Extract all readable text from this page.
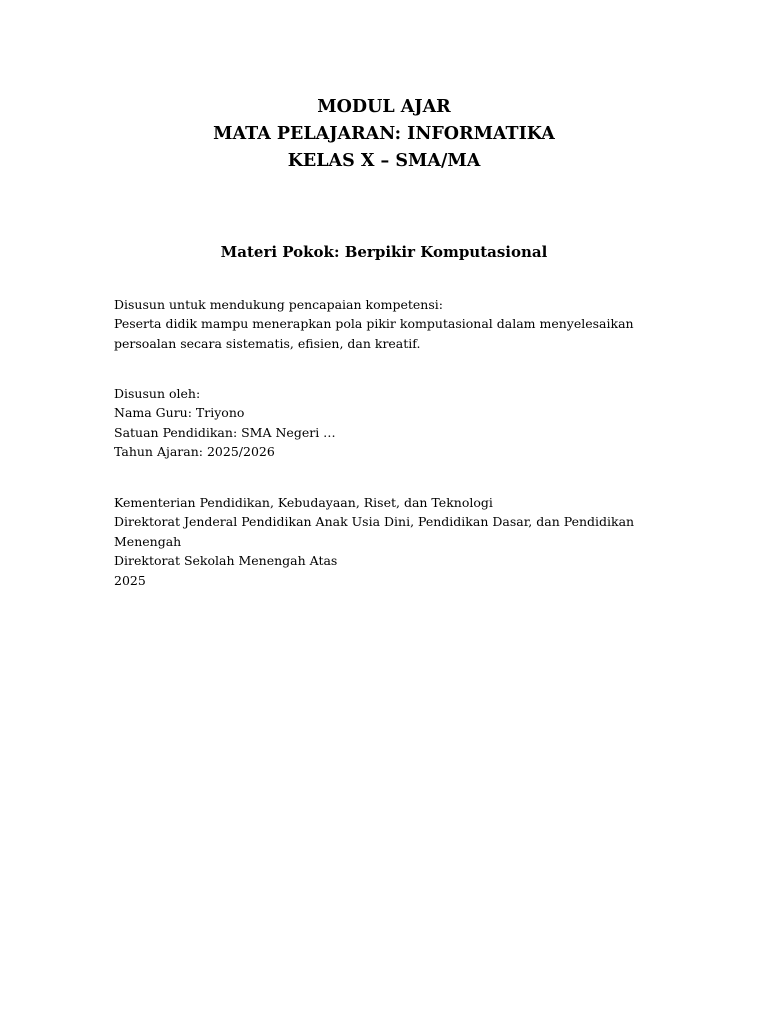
MODUL AJAR
MATA PELAJARAN: INFORMATIKA
KELAS X – SMA/MA
Materi Pokok: Berpikir Komputasional
Disusun untuk mendukung pencapaian kompetensi:
Peserta didik mampu menerapkan pola pikir komputasional dalam menyelesaikan
persoalan secara sistematis, efisien, dan kreatif.
Disusun oleh:
Nama Guru: Triyono
Satuan Pendidikan: SMA Negeri …
Tahun Ajaran: 2025/2026
Kementerian Pendidikan, Kebudayaan, Riset, dan Teknologi
Direktorat Jenderal Pendidikan Anak Usia Dini, Pendidikan Dasar, dan Pendidikan
Menengah
Direktorat Sekolah Menengah Atas
2025
